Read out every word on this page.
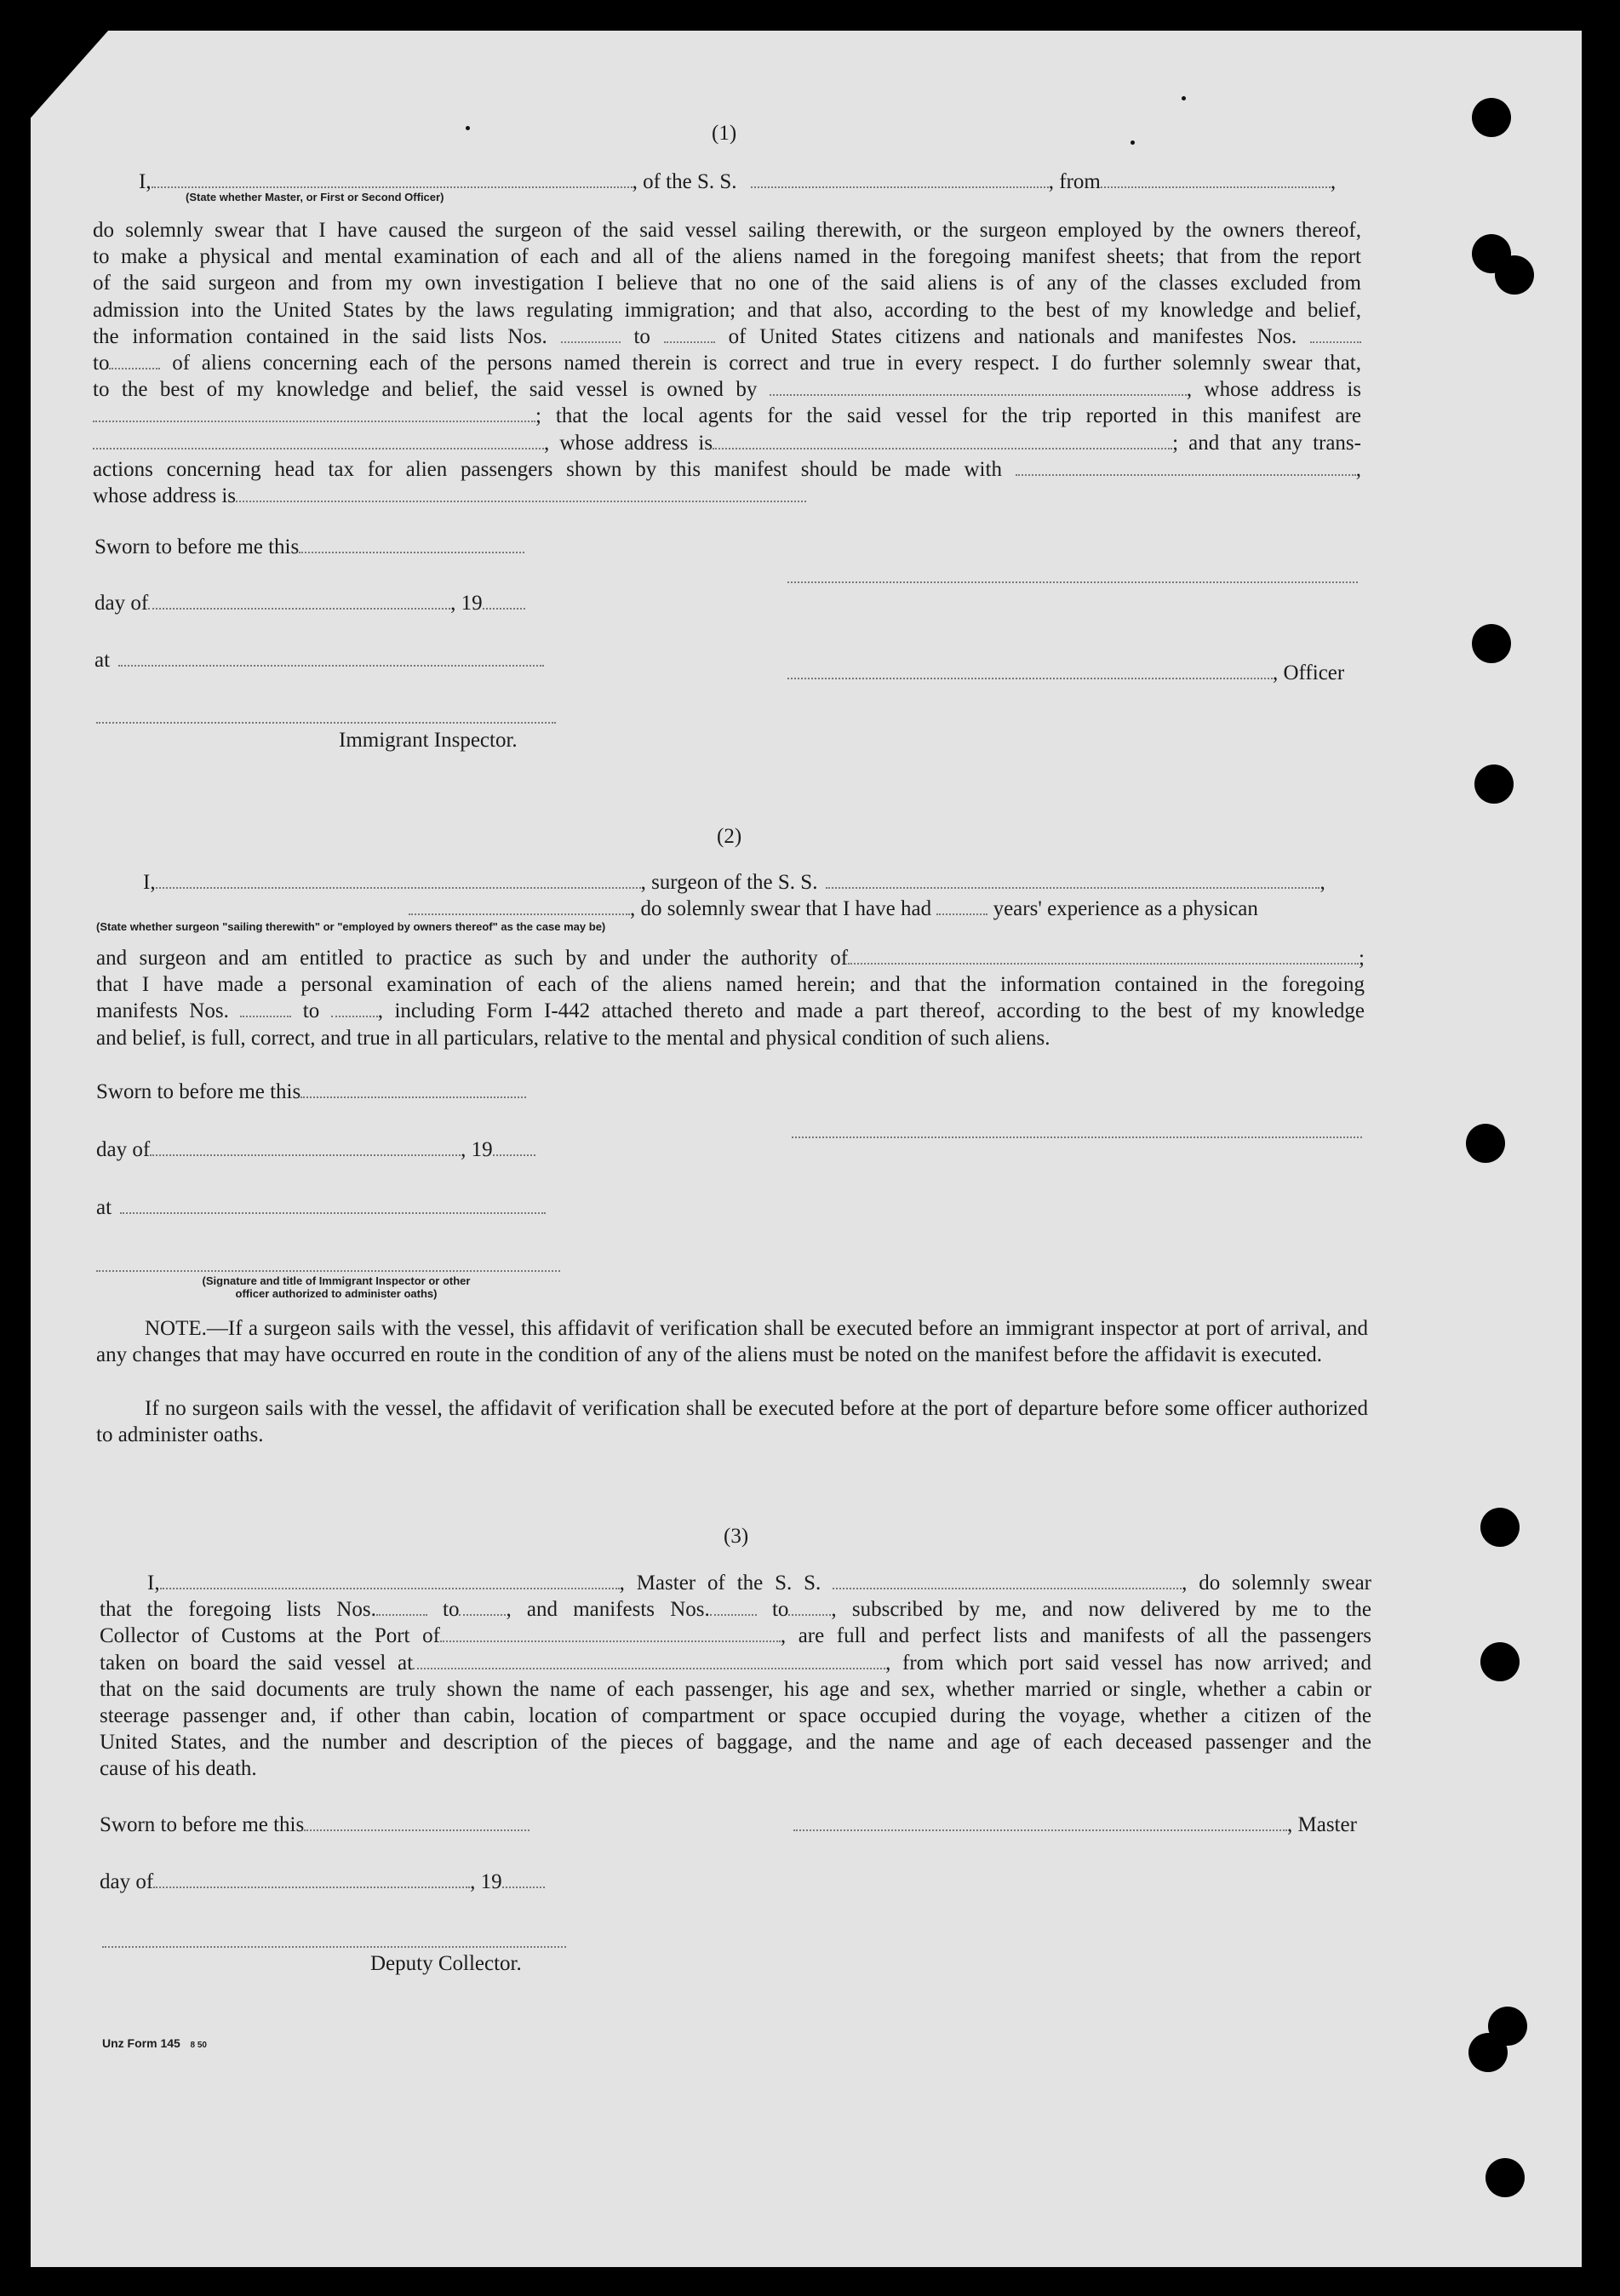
(1)
I,	, of the S. S.	, from	,
(State whether Master, or First or Second Officer)

do solemnly swear that I have caused the surgeon of the said vessel sailing therewith, or the surgeon employed by the owners thereof,

to make a physical and mental examination of each and all of the aliens named in the foregoing manifest sheets; that from the report

of the said surgeon and from my own investigation I believe that no one of the said aliens is of any of the classes excluded from

admission into the United States by the laws regulating immigration; and that also, according to the best of my knowledge and belief,

the information contained in the said lists Nos.	to	of United States citizens and nationals and manifestes Nos.

to	of aliens concerning each of the persons named therein is correct and true in every respect. I do further solemnly swear that,

to the best of my knowledge and belief, the said vessel is owned by	, whose address is

; that the local agents for the said vessel for the trip reported in this manifest are

, whose address is	; and that any trans-

actions concerning head tax for alien passengers shown by this manifest should be made with	,

whose address is

Sworn to before me this
day of	, 19
at
, Officer
Immigrant Inspector.
(2)
I,	, surgeon of the S. S.	,
, do solemnly swear that I have had	years' experience as a physican
(State whether surgeon "sailing therewith" or "employed by owners thereof" as the case may be)

and surgeon and am entitled to practice as such by and under the authority of	;

that I have made a personal examination of each of the aliens named herein; and that the information contained in the foregoing

manifests Nos.	to	, including Form I-442 attached thereto and made a part thereof, according to the best of my knowledge

and belief, is full, correct, and true in all particulars, relative to the mental and physical condition of such aliens.

Sworn to before me this
day of	, 19
at
(Signature and title of Immigrant Inspector or other
officer authorized to administer oaths)

NOTE.—If a surgeon sails with the vessel, this affidavit of verification shall be executed before an immigrant inspector at port of arrival, and any changes that may have occurred en route in the condition of any of the aliens must be noted on the manifest before the affidavit is executed.

If no surgeon sails with the vessel, the affidavit of verification shall be executed before at the port of departure before some officer authorized to administer oaths.

(3)

I,	, Master of the S. S.	, do solemnly swear

that the foregoing lists Nos.	to , and manifests Nos.	to , subscribed by me, and now delivered by me to the

Collector of Customs at the Port of	, are full and perfect lists and manifests of all the passengers

taken on board the said vessel at	, from which port said vessel has now arrived; and

that on the said documents are truly shown the name of each passenger, his age and sex, whether married or single, whether a cabin or

steerage passenger and, if other than cabin, location of compartment or space occupied during the voyage, whether a citizen of the

United States, and the number and description of the pieces of baggage, and the name and age of each deceased passenger and the

cause of his death.

Sworn to before me this	, Master
day of	, 19
Deputy Collector.
Unz Form 145 8 50
